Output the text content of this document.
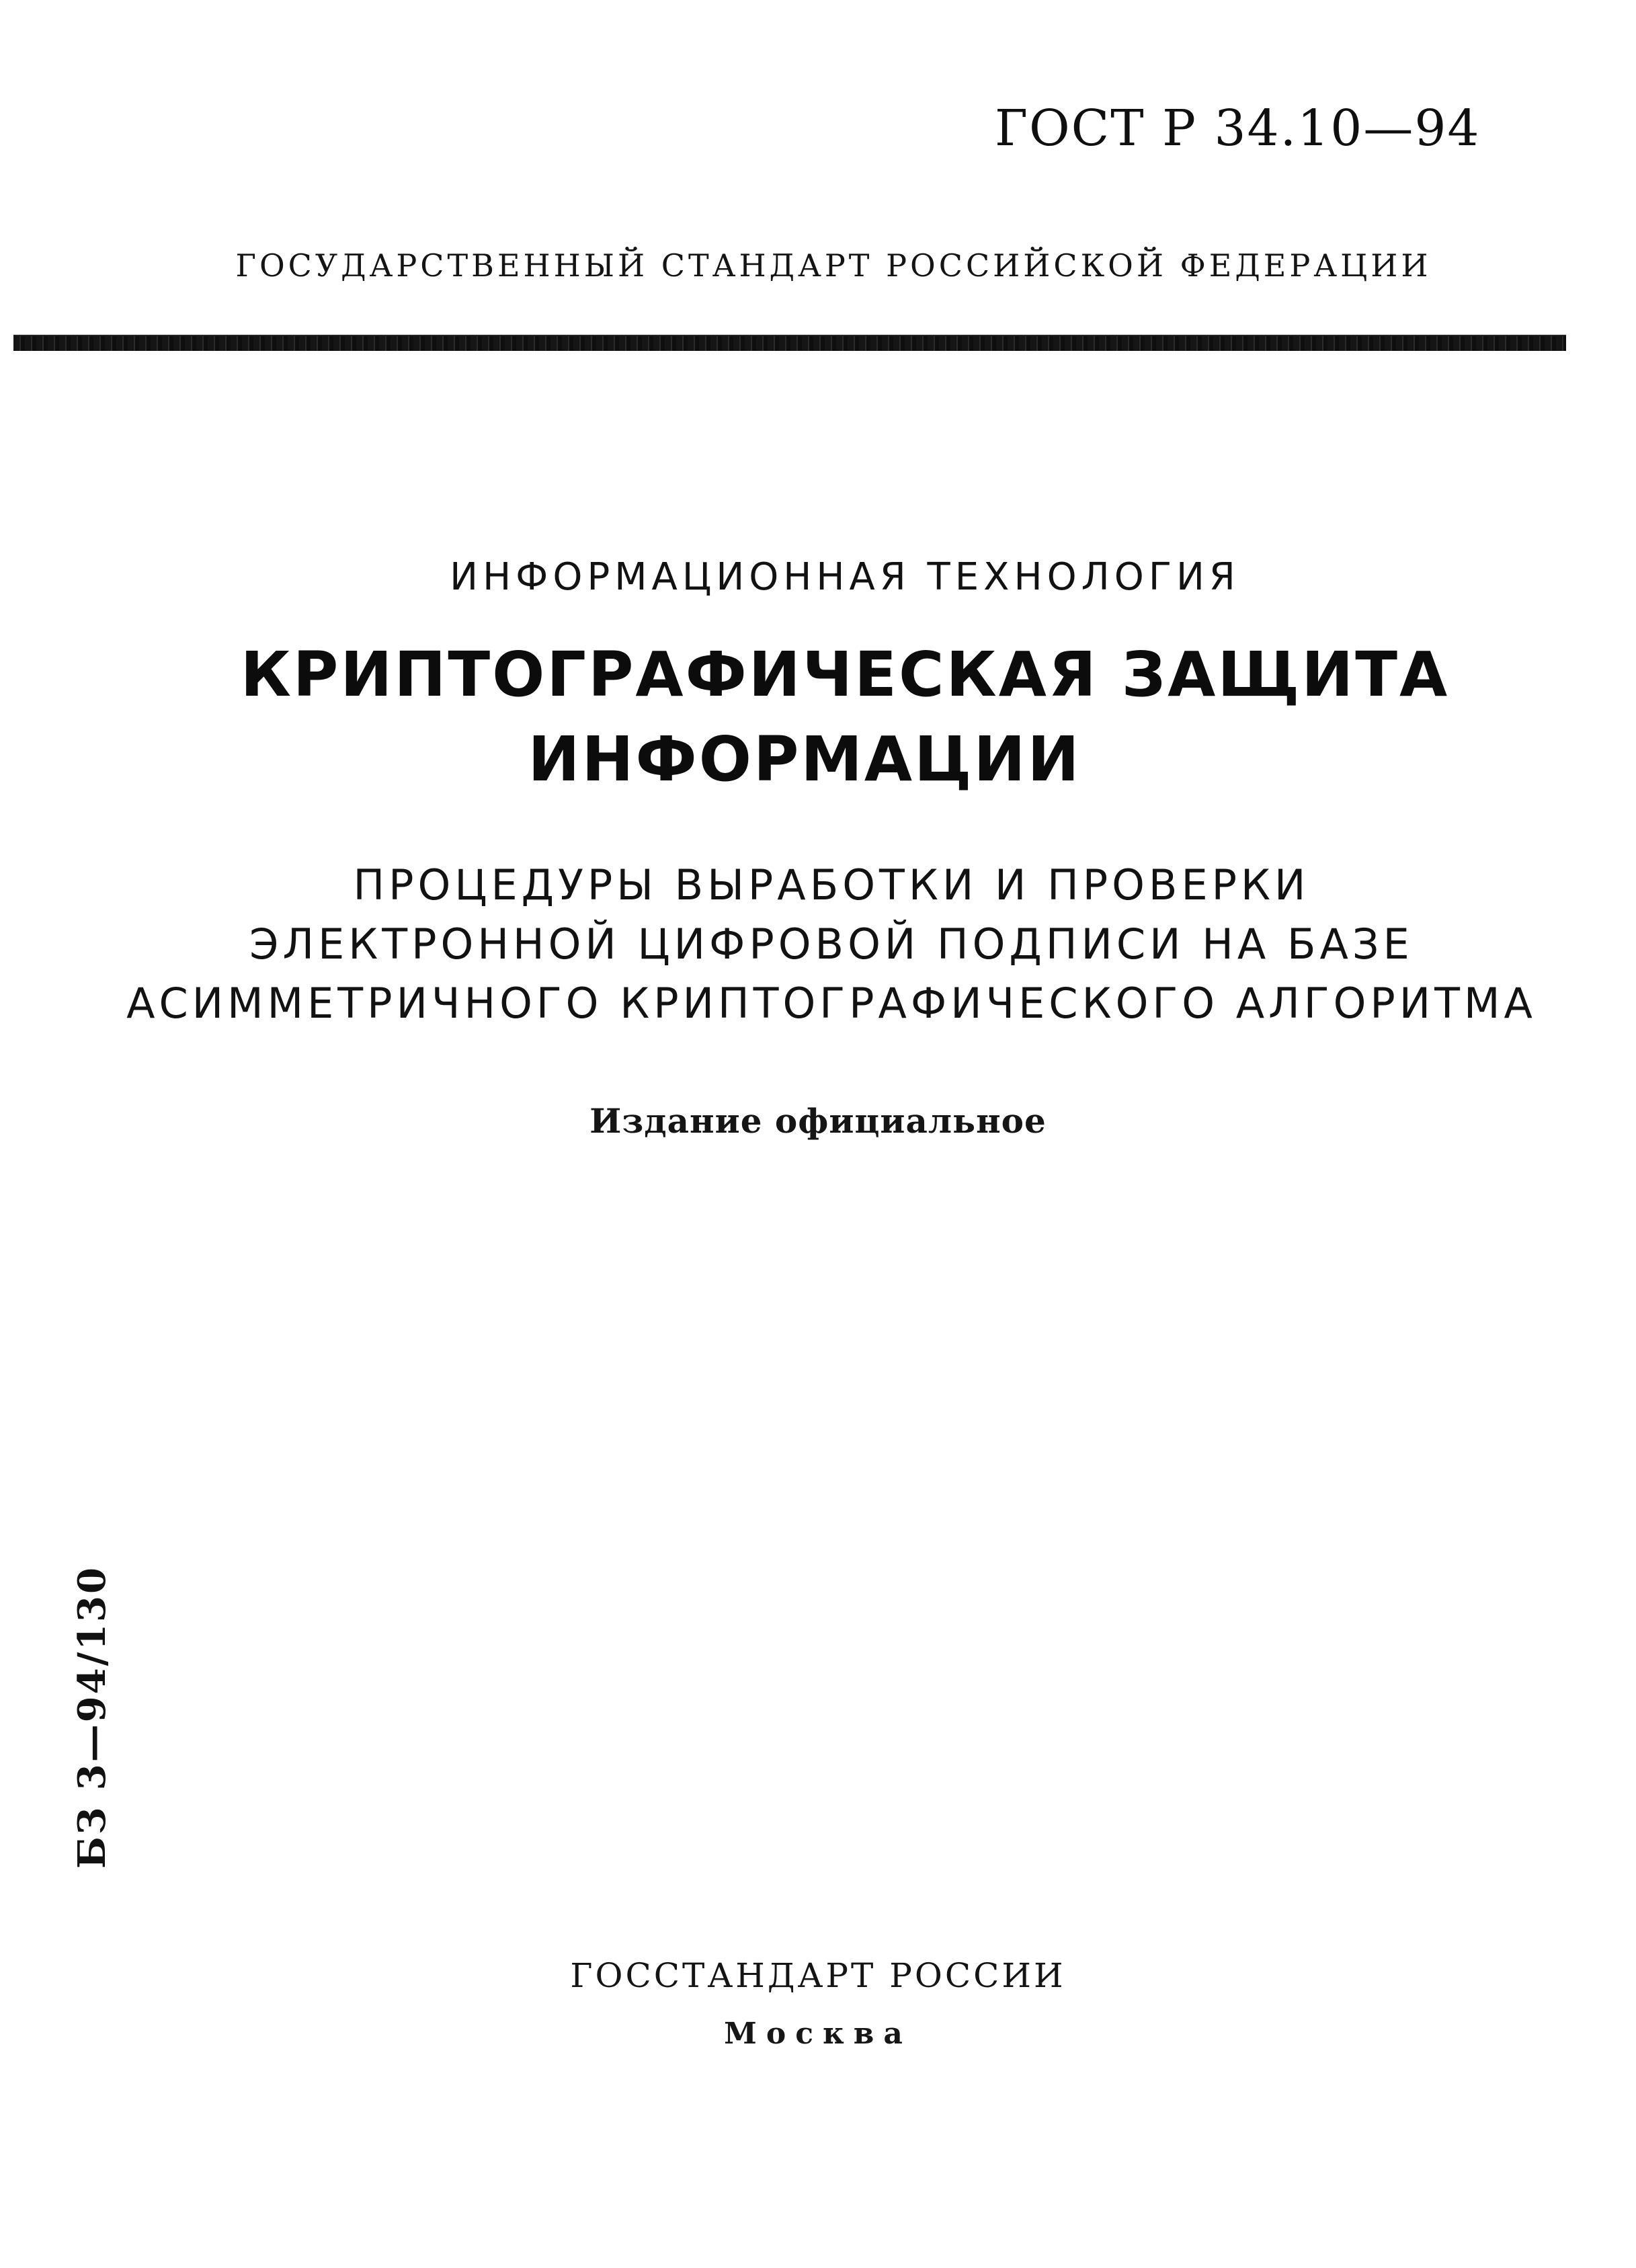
ГОСТ Р 34.10—94
ГОСУДАРСТВЕННЫЙ СТАНДАРТ РОССИЙСКОЙ ФЕДЕРАЦИИ
ИНФОРМАЦИОННАЯ ТЕХНОЛОГИЯ
КРИПТОГРАФИЧЕСКАЯ ЗАЩИТА
ИНФОРМАЦИИ
ПРОЦЕДУРЫ ВЫРАБОТКИ И ПРОВЕРКИ
ЭЛЕКТРОННОЙ ЦИФРОВОЙ ПОДПИСИ НА БАЗЕ
АСИММЕТРИЧНОГО КРИПТОГРАФИЧЕСКОГО АЛГОРИТМА
Издание официальное
БЗ 3—94/130
ГОССТАНДАРТ РОССИИ
Москва
